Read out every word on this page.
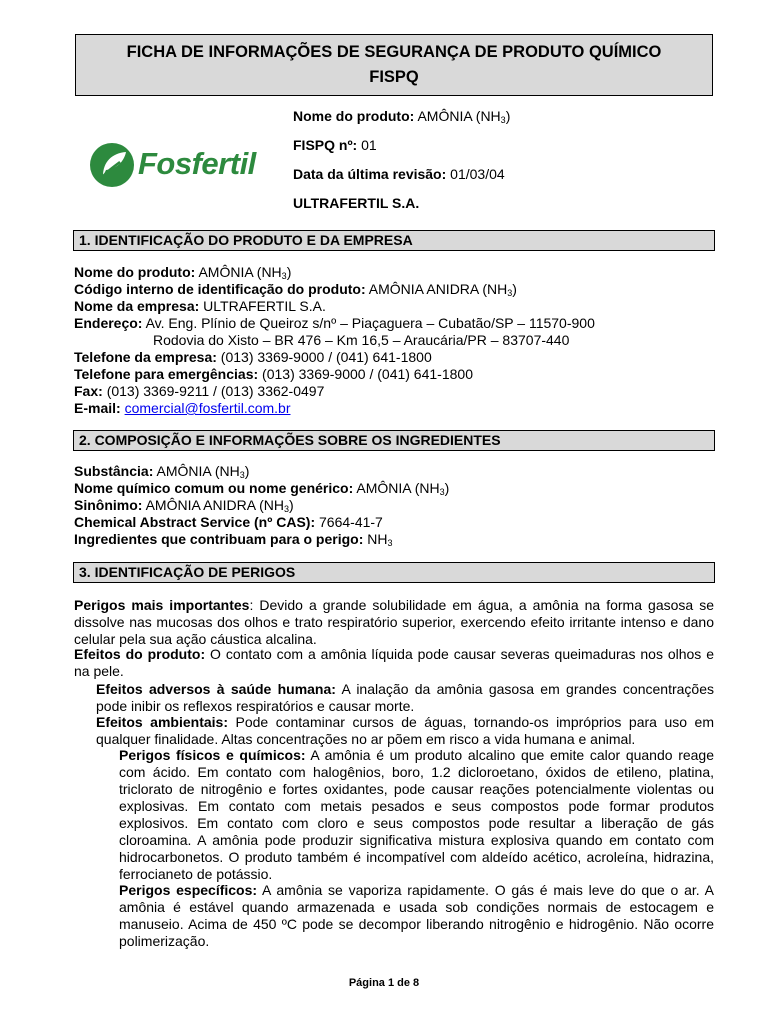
FICHA DE INFORMAÇÕES DE SEGURANÇA DE PRODUTO QUÍMICO
FISPQ
Fosfertil
Nome do produto: AMÔNIA $(NH_3)$
FISPQ nº: 01
Data da última revisão: 01/03/04
ULTRAFERTIL S.A.
1. IDENTIFICAÇÃO DO PRODUTO E DA EMPRESA
Nome do produto: AMÔNIA $(NH_3)$
Código interno de identificação do produto: AMÔNIA ANIDRA $(NH_3)$
Nome da empresa: ULTRAFERTIL S.A.
Endereço: Av. Eng. Plínio de Queiroz s/nº – Piaçaguera – Cubatão/SP – 11570-900
Rodovia do Xisto – BR 476 – Km 16,5 – Araucária/PR – 83707-440
Telefone da empresa: (013) 3369-9000 / (041) 641-1800
Telefone para emergências: (013) 3369-9000 / (041) 641-1800
Fax: (013) 3369-9211 / (013) 3362-0497
E-mail: comercial@fosfertil.com.br
2. COMPOSIÇÃO E INFORMAÇÕES SOBRE OS INGREDIENTES
Substância: AMÔNIA $(NH_3)$
Nome químico comum ou nome genérico: AMÔNIA $(NH_3)$
Sinônimo: AMÔNIA ANIDRA $(NH_3)$
Chemical Abstract Service (nº CAS): 7664-41-7
Ingredientes que contribuam para o perigo: $NH_3$
3. IDENTIFICAÇÃO DE PERIGOS

Perigos mais importantes: Devido a grande solubilidade em água, a amônia na forma gasosa se dissolve nas mucosas dos olhos e trato respiratório superior, exercendo efeito irritante intenso e dano celular pela sua ação cáustica alcalina.

Efeitos do produto: O contato com a amônia líquida pode causar severas queimaduras nos olhos e na pele.

Efeitos adversos à saúde humana: A inalação da amônia gasosa em grandes concentrações pode inibir os reflexos respiratórios e causar morte.

Efeitos ambientais: Pode contaminar cursos de águas, tornando-os impróprios para uso em qualquer finalidade. Altas concentrações no ar põem em risco a vida humana e animal.

Perigos físicos e químicos: A amônia é um produto alcalino que emite calor quando reage com ácido. Em contato com halogênios, boro, 1.2 dicloroetano, óxidos de etileno, platina, triclorato de nitrogênio e fortes oxidantes, pode causar reações potencialmente violentas ou explosivas. Em contato com metais pesados e seus compostos pode formar produtos explosivos. Em contato com cloro e seus compostos pode resultar a liberação de gás cloroamina. A amônia pode produzir significativa mistura explosiva quando em contato com hidrocarbonetos. O produto também é incompatível com aldeído acético, acroleína, hidrazina, ferrocianeto de potássio.

Perigos específicos: A amônia se vaporiza rapidamente. O gás é mais leve do que o ar. A amônia é estável quando armazenada e usada sob condições normais de estocagem e manuseio. Acima de 450 ºC pode se decompor liberando nitrogênio e hidrogênio. Não ocorre polimerização.

Página 1 de 8
